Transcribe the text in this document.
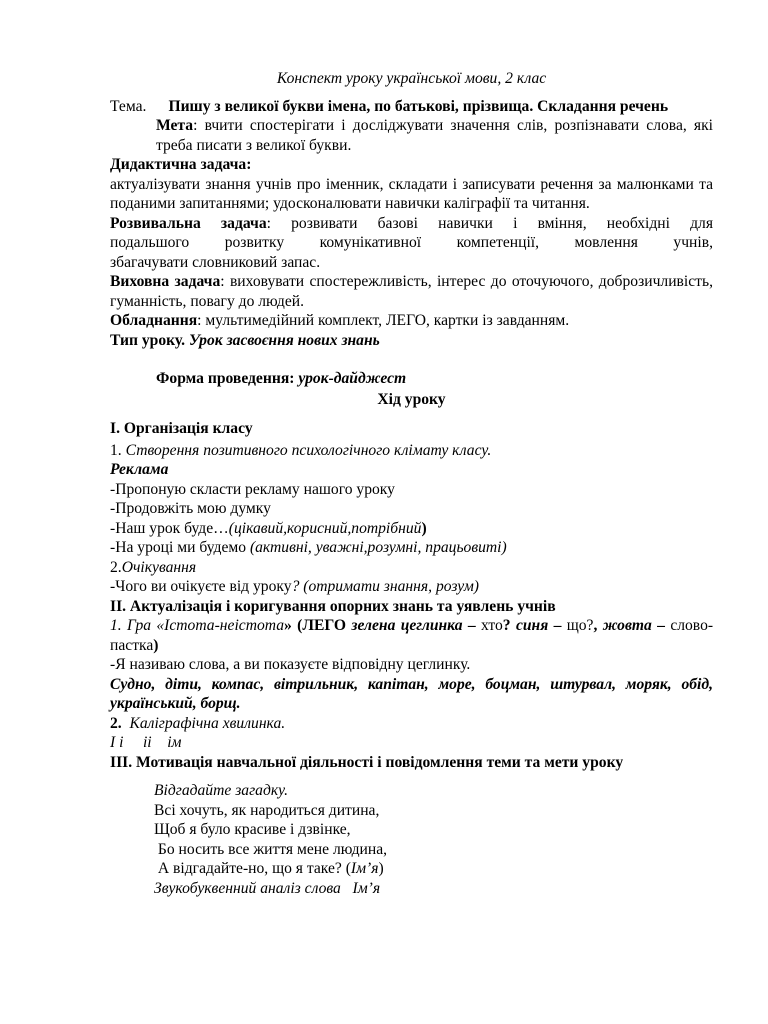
Конспект уроку української мови, 2 клас

Тема. Пишу з великої букви імена, по батькові, прізвища. Складання речень

Мета: вчити спостерігати і досліджувати значення слів, розпізнавати слова, які треба писати з великої букви.

Дидактична задача:

актуалізувати знання учнів про іменник, складати і записувати речення за малюнками та поданими запитаннями; удосконалювати навички каліграфії та читання.

Розвивальна задача: розвивати базові навички і вміння, необхідні для

подальшого розвитку комунікативної компетенції, мовлення учнів,

збагачувати словниковий запас.

Виховна задача: виховувати спостережливість, інтерес до оточуючого, доброзичливість, гуманність, повагу до людей.

Обладнання: мультимедійний комплект, ЛЕГО, картки із завданням.

Тип уроку. Урок засвоєння нових знань

Форма проведення: урок-дайджест

Хід уроку

І. Організація класу

1. Створення позитивного психологічного клімату класу.

Реклама

-Пропоную скласти рекламу нашого уроку

-Продовжіть мою думку

-Наш урок буде…(цікавий,корисний,потрібний)

-На уроці ми будемо (активні, уважні,розумні, працьовиті)

2.Очікування

-Чого ви очікуєте від уроку? (отримати знання, розум)

ІІ. Актуалізація і коригування опорних знань та уявлень учнів

1. Гра «Істота-неістота» (ЛЕГО зелена цеглинка – хто? синя – що?, жовта – слово-пастка)

-Я називаю слова, а ви показуєте відповідну цеглинку.

Судно, діти, компас, вітрильник, капітан, море, боцман, штурвал, моряк, обід, український, борщ.

2. Каліграфічна хвилинка.

І і іі ім

ІІІ. Мотивація навчальної діяльності і повідомлення теми та мети уроку

Відгадайте загадку.

Всі хочуть, як народиться дитина,

Щоб я було красиве і дзвінке,

Бо носить все життя мене людина,

А відгадайте-но, що я таке? (Ім’я)

Звукобуквенний аналіз слова Ім’я
